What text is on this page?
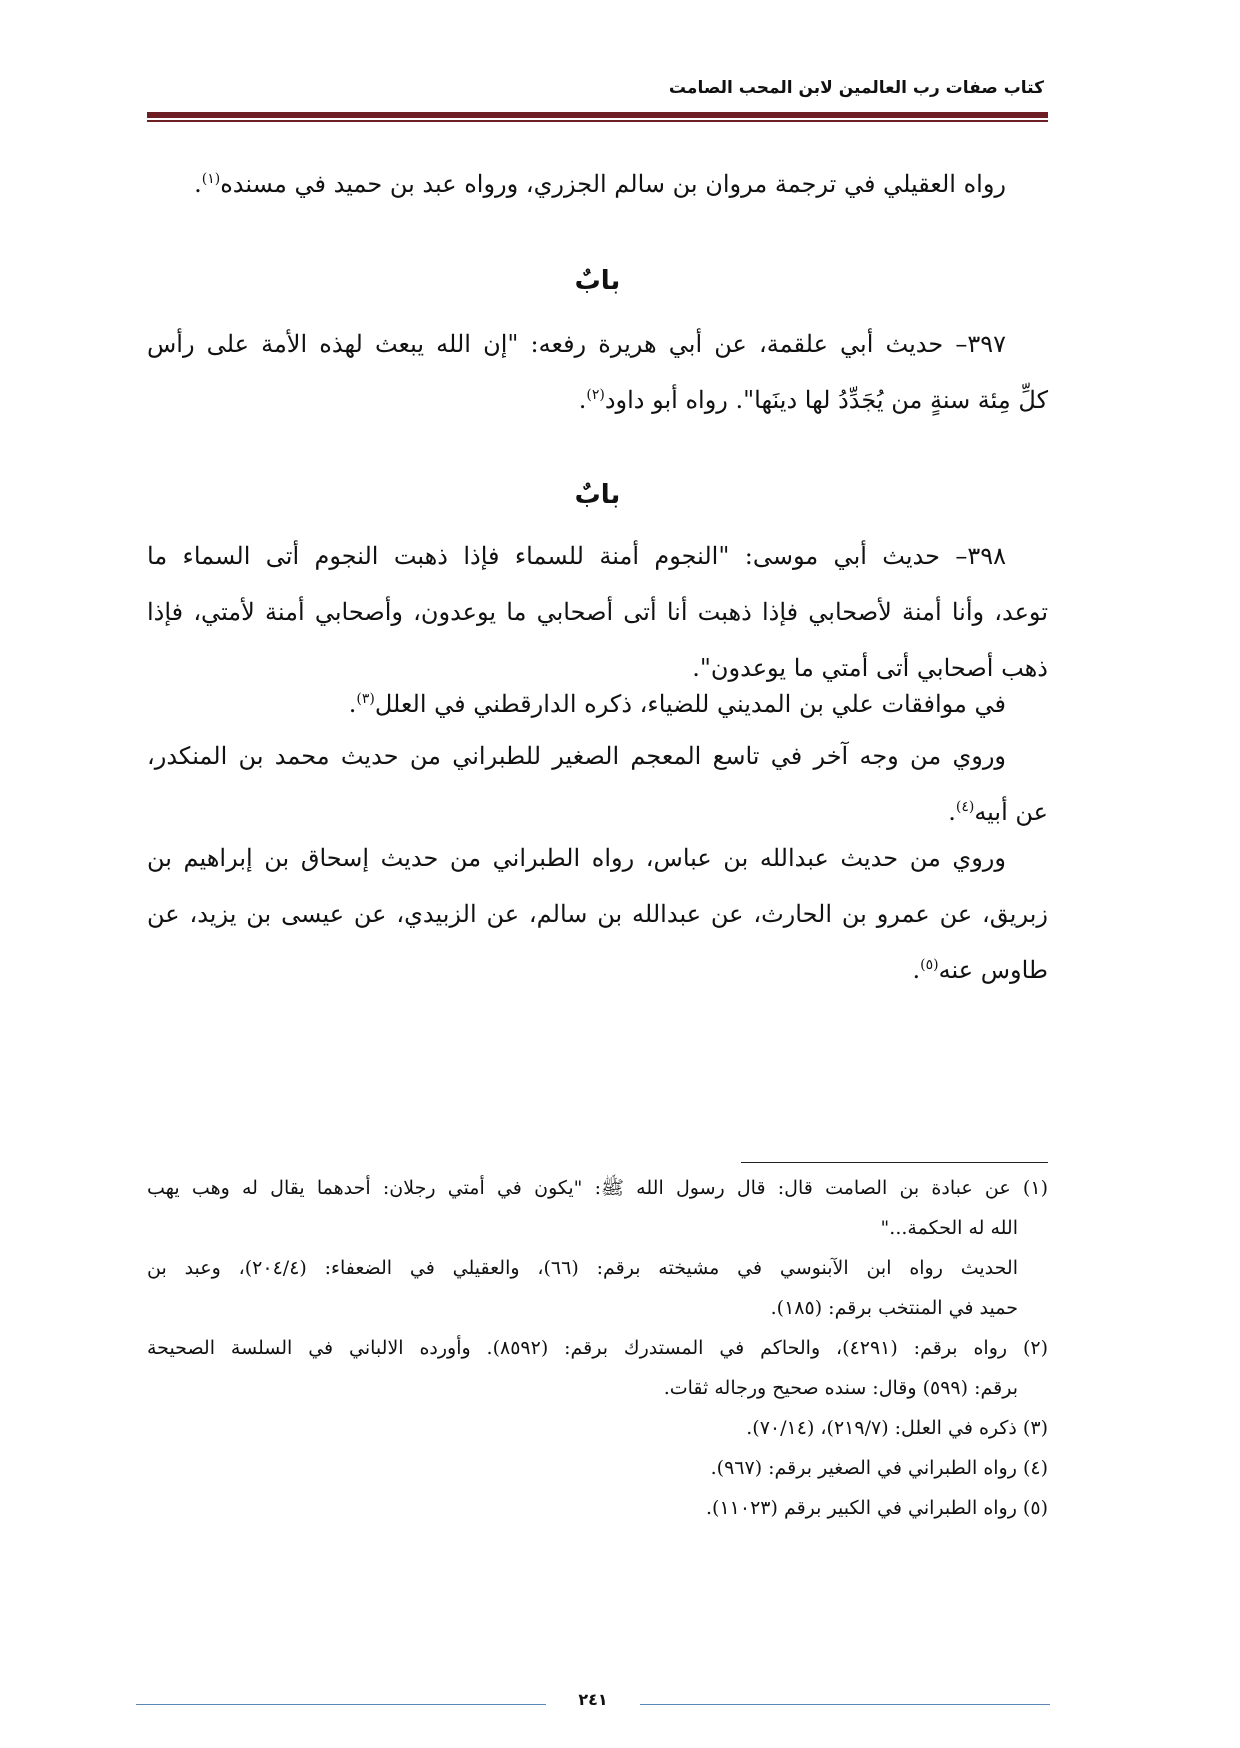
كتاب صفات رب العالمين لابن المحب الصامت
رواه العقيلي في ترجمة مروان بن سالم الجزري، ورواه عبد بن حميد في مسنده$^{(١)}$.
بابٌ
٣٩٧– حديث أبي علقمة، عن أبي هريرة رفعه: "إن الله يبعث لهذه الأمة على رأس
كلِّ مِئة سنةٍ من يُجَدِّدُ لها دينَها". رواه أبو داود$^{(٢)}$.
بابٌ
٣٩٨– حديث أبي موسى: "النجوم أمنة للسماء فإذا ذهبت النجوم أتى السماء ما
توعد، وأنا أمنة لأصحابي فإذا ذهبت أنا أتى أصحابي ما يوعدون، وأصحابي أمنة لأمتي، فإذا
ذهب أصحابي أتى أمتي ما يوعدون".
في موافقات علي بن المديني للضياء، ذكره الدارقطني في العلل$^{(٣)}$.
وروي من وجه آخر في تاسع المعجم الصغير للطبراني من حديث محمد بن المنكدر،
عن أبيه$^{(٤)}$.
وروي من حديث عبدالله بن عباس، رواه الطبراني من حديث إسحاق بن إبراهيم بن
زبريق، عن عمرو بن الحارث، عن عبدالله بن سالم، عن الزبيدي، عن عيسى بن يزيد، عن
طاوس عنه$^{(٥)}$.
(١) عن عبادة بن الصامت قال: قال رسول الله ﷺ: "يكون في أمتي رجلان: أحدهما يقال له وهب يهب
الله له الحكمة..."
الحديث رواه ابن الآبنوسي في مشيخته برقم: (٦٦)، والعقيلي في الضعفاء: (٢٠٤/٤)، وعبد بن
حميد في المنتخب برقم: (١٨٥).
(٢) رواه برقم: (٤٢٩١)، والحاكم في المستدرك برقم: (٨٥٩٢). وأورده الالباني في السلسة الصحيحة
برقم: (٥٩٩) وقال: سنده صحيح ورجاله ثقات.
(٣) ذكره في العلل: (٢١٩/٧)، (٧٠/١٤).
(٤) رواه الطبراني في الصغير برقم: (٩٦٧).
(٥) رواه الطبراني في الكبير برقم (١١٠٢٣).
٢٤١
